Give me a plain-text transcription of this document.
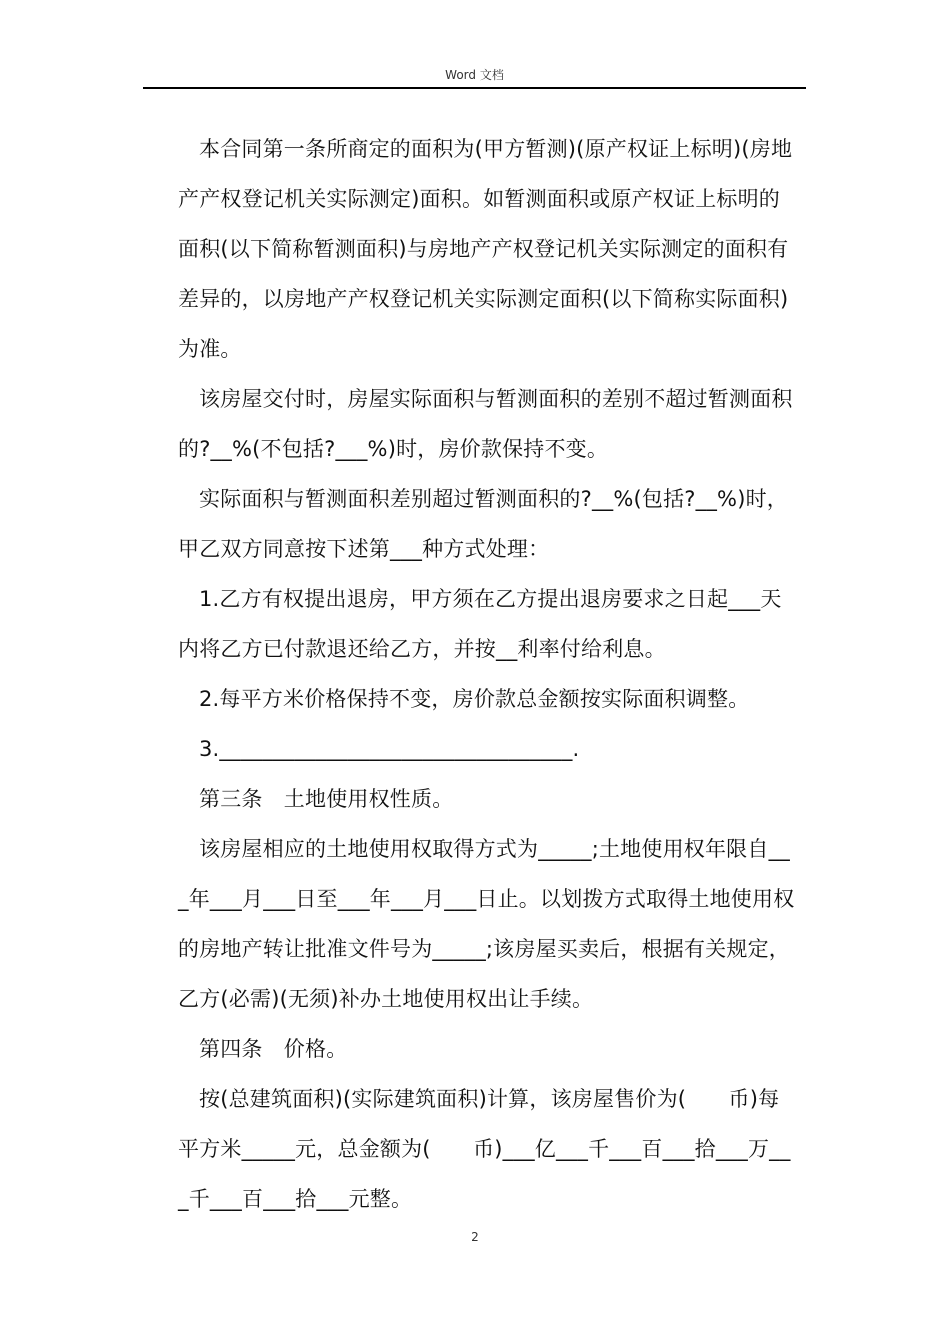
Word 文档

本合同第一条所商定的面积为(甲方暂测)(原产权证上标明)(房地产产权登记机关实际测定)面积。如暂测面积或原产权证上标明的面积(以下简称暂测面积)与房地产产权登记机关实际测定的面积有差异的，以房地产产权登记机关实际测定面积(以下简称实际面积)为准。

该房屋交付时，房屋实际面积与暂测面积的差别不超过暂测面积的?__%(不包括?___%)时，房价款保持不变。

实际面积与暂测面积差别超过暂测面积的?__%(包括?__%)时，甲乙双方同意按下述第___种方式处理：

1.乙方有权提出退房，甲方须在乙方提出退房要求之日起___天内将乙方已付款退还给乙方，并按__利率付给利息。

2.每平方米价格保持不变，房价款总金额按实际面积调整。

3._________________________________.

第三条　土地使用权性质。

该房屋相应的土地使用权取得方式为_____;土地使用权年限自___年___月___日至___年___月___日止。以划拨方式取得土地使用权的房地产转让批准文件号为_____;该房屋买卖后，根据有关规定，乙方(必需)(无须)补办土地使用权出让手续。

第四条　价格。

按(总建筑面积)(实际建筑面积)计算，该房屋售价为(　　币)每平方米_____元，总金额为(　　币)___亿___千___百___拾___万___千___百___拾___元整。

2
